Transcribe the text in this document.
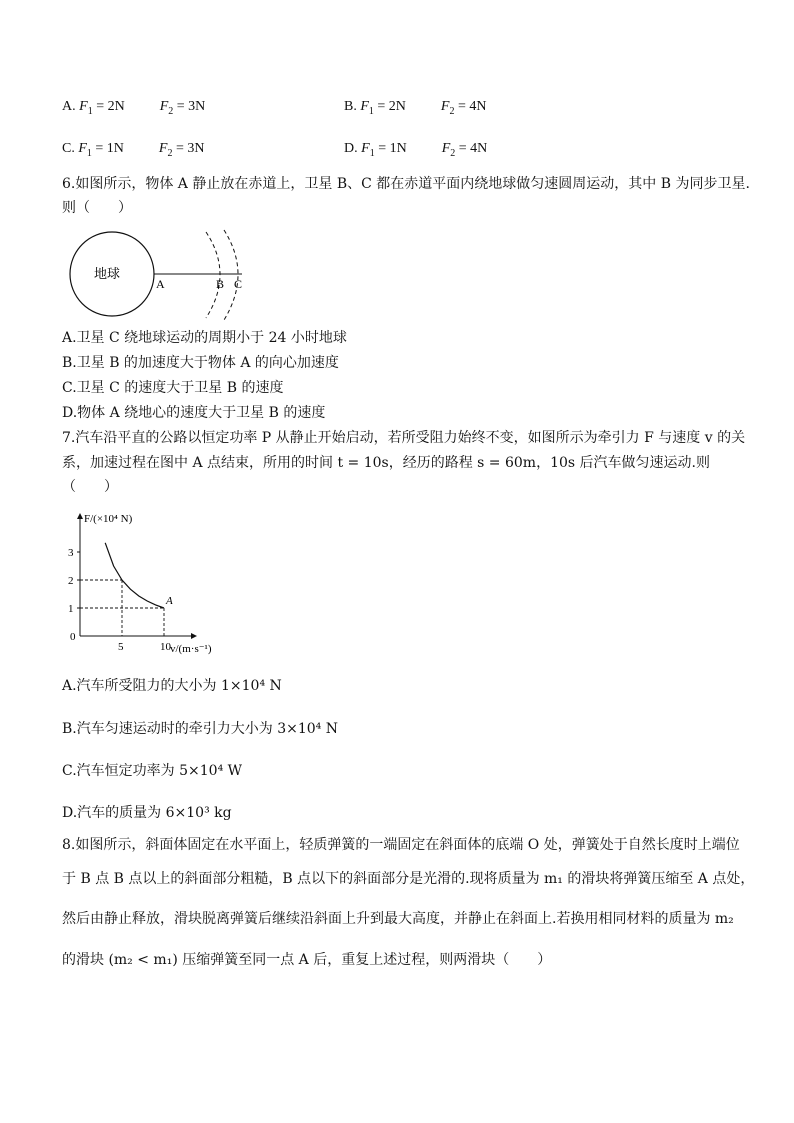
A. $F_1 = 2N$	$F_2 = 3N$	B. $F_1 = 2N$	$F_2 = 4N$
C. $F_1 = 1N$	$F_2 = 3N$	D. $F_1 = 1N$	$F_2 = 4N$
6.如图所示，物体 A 静止放在赤道上，卫星 B、C 都在赤道平面内绕地球做匀速圆周运动，其中 B 为同步卫星.
则（　　）
地球
A	B C
A.卫星 C 绕地球运动的周期小于 24 小时地球
B.卫星 B 的加速度大于物体 A 的向心加速度
C.卫星 C 的速度大于卫星 B 的速度
D.物体 A 绕地心的速度大于卫星 B 的速度
7.汽车沿平直的公路以恒定功率 P 从静止开始启动，若所受阻力始终不变，如图所示为牵引力 F 与速度 v 的关
系，加速过程在图中 A 点结束，所用的时间 t = 10s，经历的路程 s = 60m，10s 后汽车做匀速运动.则
（　　）
F/(×10⁴ N)
v/(m·s⁻¹)
0
1
2
3
5	10
A
A.汽车所受阻力的大小为 1×10⁴ N
B.汽车匀速运动时的牵引力大小为 3×10⁴ N
C.汽车恒定功率为 5×10⁴ W
D.汽车的质量为 6×10³ kg
8.如图所示，斜面体固定在水平面上，轻质弹簧的一端固定在斜面体的底端 O 处，弹簧处于自然长度时上端位
于 B 点 B 点以上的斜面部分粗糙，B 点以下的斜面部分是光滑的.现将质量为 m₁ 的滑块将弹簧压缩至 A 点处，
然后由静止释放，滑块脱离弹簧后继续沿斜面上升到最大高度，并静止在斜面上.若换用相同材料的质量为 m₂
的滑块 (m₂ < m₁) 压缩弹簧至同一点 A 后，重复上述过程，则两滑块（　　）
